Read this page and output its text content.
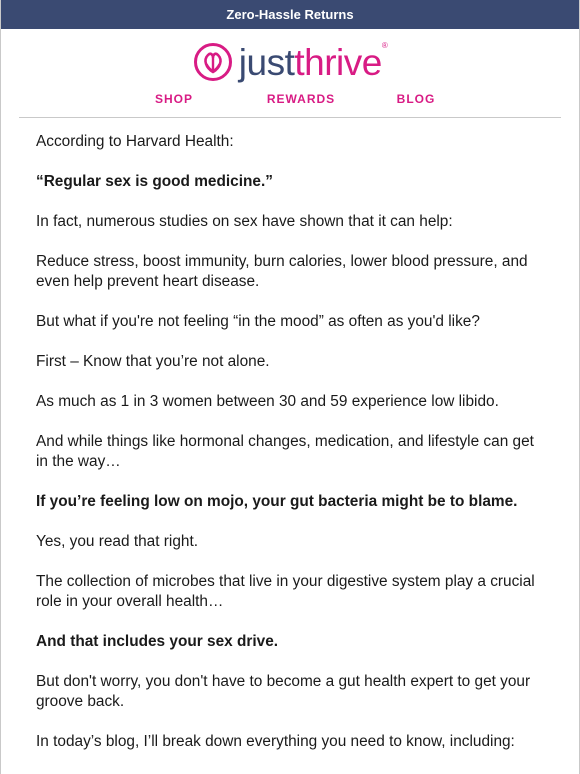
Zero-Hassle Returns
justthrive®
SHOP	REWARDS	BLOG

According to Harvard Health:

“Regular sex is good medicine.”

In fact, numerous studies on sex have shown that it can help:

Reduce stress, boost immunity, burn calories, lower blood pressure, and even help prevent heart disease.

But what if you're not feeling “in the mood” as often as you'd like?

First – Know that you’re not alone.

As much as 1 in 3 women between 30 and 59 experience low libido.

And while things like hormonal changes, medication, and lifestyle can get in the way…

If you’re feeling low on mojo, your gut bacteria might be to blame.

Yes, you read that right.

The collection of microbes that live in your digestive system play a crucial role in your overall health…

And that includes your sex drive.

But don't worry, you don't have to become a gut health expert to get your groove back.

In today’s blog, I’ll break down everything you need to know, including:
